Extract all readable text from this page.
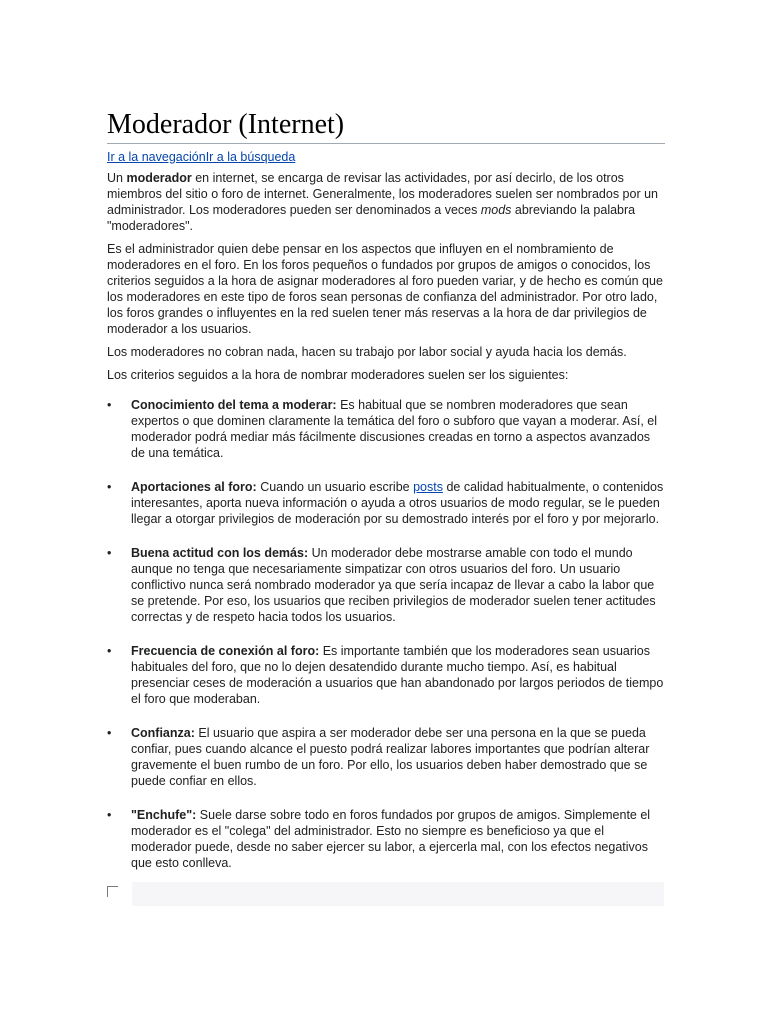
Moderador (Internet)
Ir a la navegaciónIr a la búsqueda

Un moderador en internet, se encarga de revisar las actividades, por así decirlo, de los otros miembros del sitio o foro de internet. Generalmente, los moderadores suelen ser nombrados por un administrador. Los moderadores pueden ser denominados a veces mods abreviando la palabra "moderadores".

Es el administrador quien debe pensar en los aspectos que influyen en el nombramiento de moderadores en el foro. En los foros pequeños o fundados por grupos de amigos o conocidos, los criterios seguidos a la hora de asignar moderadores al foro pueden variar, y de hecho es común que los moderadores en este tipo de foros sean personas de confianza del administrador. Por otro lado, los foros grandes o influyentes en la red suelen tener más reservas a la hora de dar privilegios de moderador a los usuarios.

Los moderadores no cobran nada, hacen su trabajo por labor social y ayuda hacia los demás.

Los criterios seguidos a la hora de nombrar moderadores suelen ser los siguientes:

• Conocimiento del tema a moderar: Es habitual que se nombren moderadores que sean expertos o que dominen claramente la temática del foro o subforo que vayan a moderar. Así, el moderador podrá mediar más fácilmente discusiones creadas en torno a aspectos avanzados de una temática.
• Aportaciones al foro: Cuando un usuario escribe posts de calidad habitualmente, o contenidos interesantes, aporta nueva información o ayuda a otros usuarios de modo regular, se le pueden llegar a otorgar privilegios de moderación por su demostrado interés por el foro y por mejorarlo.
• Buena actitud con los demás: Un moderador debe mostrarse amable con todo el mundo aunque no tenga que necesariamente simpatizar con otros usuarios del foro. Un usuario conflictivo nunca será nombrado moderador ya que sería incapaz de llevar a cabo la labor que se pretende. Por eso, los usuarios que reciben privilegios de moderador suelen tener actitudes correctas y de respeto hacia todos los usuarios.
• Frecuencia de conexión al foro: Es importante también que los moderadores sean usuarios habituales del foro, que no lo dejen desatendido durante mucho tiempo. Así, es habitual presenciar ceses de moderación a usuarios que han abandonado por largos periodos de tiempo el foro que moderaban.
• Confianza: El usuario que aspira a ser moderador debe ser una persona en la que se pueda confiar, pues cuando alcance el puesto podrá realizar labores importantes que podrían alterar gravemente el buen rumbo de un foro. Por ello, los usuarios deben haber demostrado que se puede confiar en ellos.
• "Enchufe": Suele darse sobre todo en foros fundados por grupos de amigos. Simplemente el moderador es el "colega" del administrador. Esto no siempre es beneficioso ya que el moderador puede, desde no saber ejercer su labor, a ejercerla mal, con los efectos negativos que esto conlleva.
